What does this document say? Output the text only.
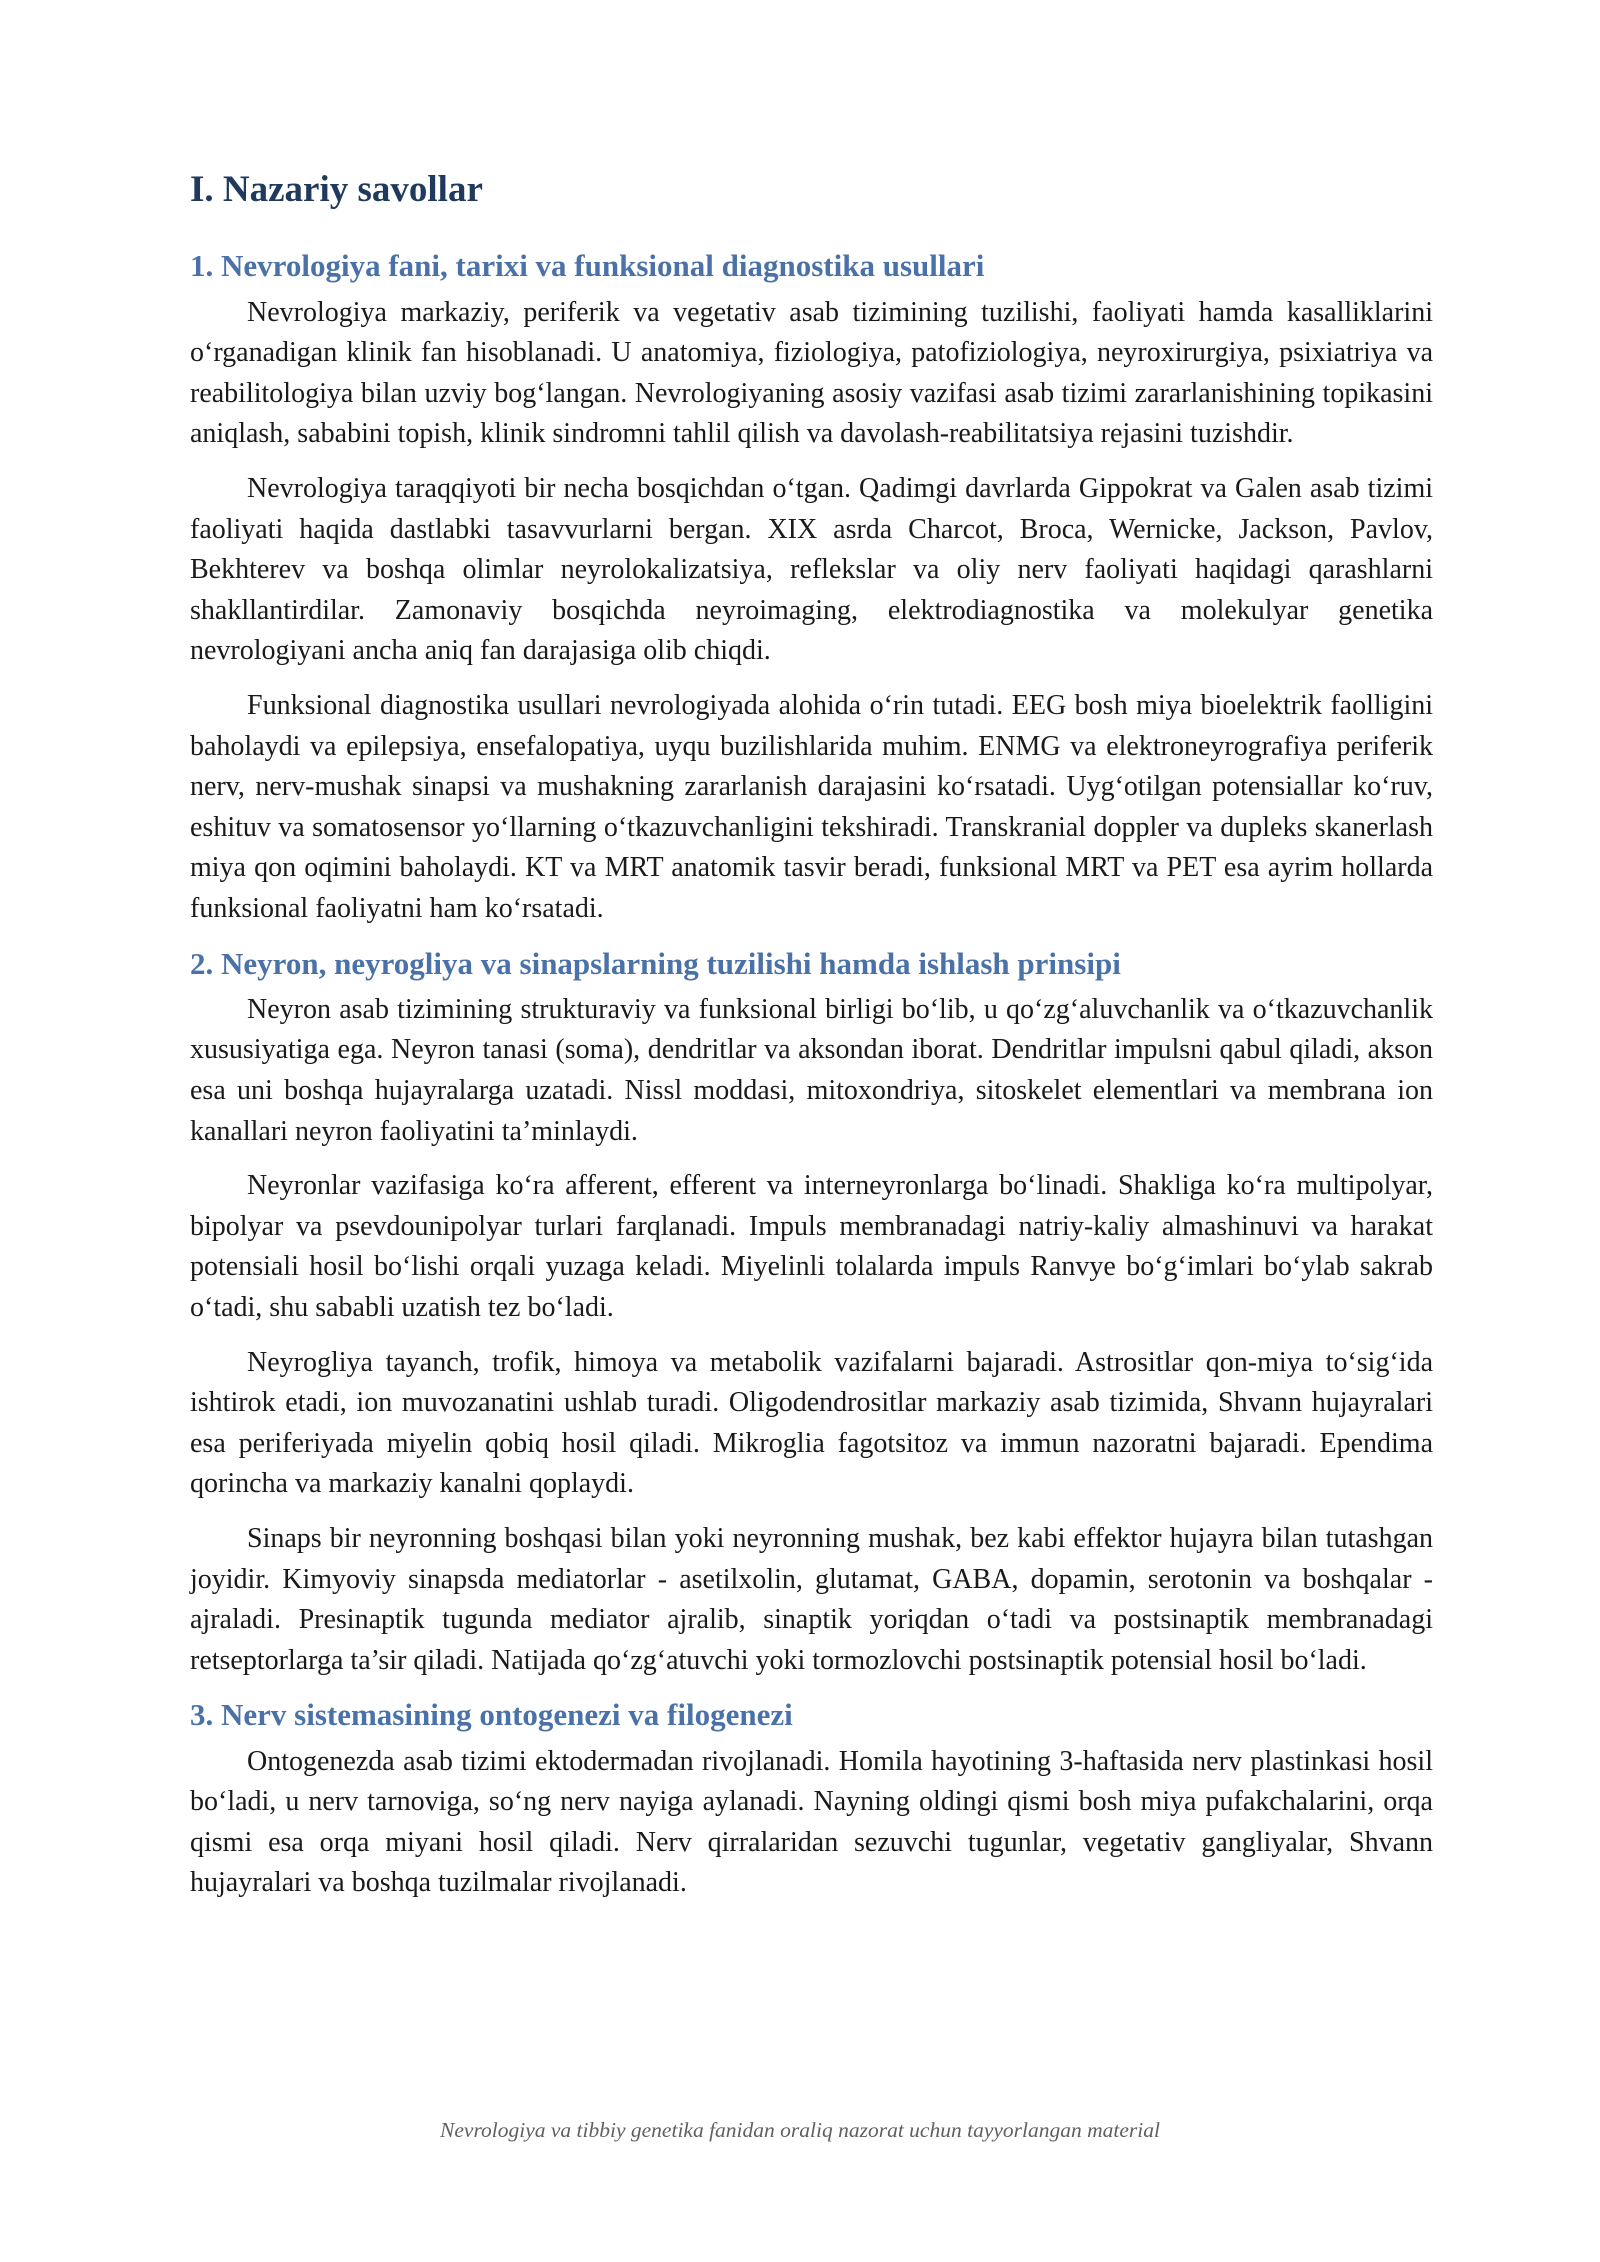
I. Nazariy savollar
1. Nevrologiya fani, tarixi va funksional diagnostika usullari

Nevrologiya markaziy, periferik va vegetativ asab tizimining tuzilishi, faoliyati hamda kasalliklarini o‘rganadigan klinik fan hisoblanadi. U anatomiya, fiziologiya, patofiziologiya, neyroxirurgiya, psixiatriya va reabilitologiya bilan uzviy bog‘langan. Nevrologiyaning asosiy vazifasi asab tizimi zararlanishining topikasini aniqlash, sababini topish, klinik sindromni tahlil qilish va davolash-reabilitatsiya rejasini tuzishdir.

Nevrologiya taraqqiyoti bir necha bosqichdan o‘tgan. Qadimgi davrlarda Gippokrat va Galen asab tizimi faoliyati haqida dastlabki tasavvurlarni bergan. XIX asrda Charcot, Broca, Wernicke, Jackson, Pavlov, Bekhterev va boshqa olimlar neyrolokalizatsiya, reflekslar va oliy nerv faoliyati haqidagi qarashlarni shakllantirdilar. Zamonaviy bosqichda neyroimaging, elektrodiagnostika va molekulyar genetika nevrologiyani ancha aniq fan darajasiga olib chiqdi.

Funksional diagnostika usullari nevrologiyada alohida o‘rin tutadi. EEG bosh miya bioelektrik faolligini baholaydi va epilepsiya, ensefalopatiya, uyqu buzilishlarida muhim. ENMG va elektroneyrografiya periferik nerv, nerv-mushak sinapsi va mushakning zararlanish darajasini ko‘rsatadi. Uyg‘otilgan potensiallar ko‘ruv, eshituv va somatosensor yo‘llarning o‘tkazuvchanligini tekshiradi. Transkranial doppler va dupleks skanerlash miya qon oqimini baholaydi. KT va MRT anatomik tasvir beradi, funksional MRT va PET esa ayrim hollarda funksional faoliyatni ham ko‘rsatadi.

2. Neyron, neyrogliya va sinapslarning tuzilishi hamda ishlash prinsipi

Neyron asab tizimining strukturaviy va funksional birligi bo‘lib, u qo‘zg‘aluvchanlik va o‘tkazuvchanlik xususiyatiga ega. Neyron tanasi (soma), dendritlar va aksondan iborat. Dendritlar impulsni qabul qiladi, akson esa uni boshqa hujayralarga uzatadi. Nissl moddasi, mitoxondriya, sitoskelet elementlari va membrana ion kanallari neyron faoliyatini ta’minlaydi.

Neyronlar vazifasiga ko‘ra afferent, efferent va interneyronlarga bo‘linadi. Shakliga ko‘ra multipolyar, bipolyar va psevdounipolyar turlari farqlanadi. Impuls membranadagi natriy-kaliy almashinuvi va harakat potensiali hosil bo‘lishi orqali yuzaga keladi. Miyelinli tolalarda impuls Ranvye bo‘g‘imlari bo‘ylab sakrab o‘tadi, shu sababli uzatish tez bo‘ladi.

Neyrogliya tayanch, trofik, himoya va metabolik vazifalarni bajaradi. Astrositlar qon-miya to‘sig‘ida ishtirok etadi, ion muvozanatini ushlab turadi. Oligodendrositlar markaziy asab tizimida, Shvann hujayralari esa periferiyada miyelin qobiq hosil qiladi. Mikroglia fagotsitoz va immun nazoratni bajaradi. Ependima qorincha va markaziy kanalni qoplaydi.

Sinaps bir neyronning boshqasi bilan yoki neyronning mushak, bez kabi effektor hujayra bilan tutashgan joyidir. Kimyoviy sinapsda mediatorlar - asetilxolin, glutamat, GABA, dopamin, serotonin va boshqalar - ajraladi. Presinaptik tugunda mediator ajralib, sinaptik yoriqdan o‘tadi va postsinaptik membranadagi retseptorlarga ta’sir qiladi. Natijada qo‘zg‘atuvchi yoki tormozlovchi postsinaptik potensial hosil bo‘ladi.

3. Nerv sistemasining ontogenezi va filogenezi

Ontogenezda asab tizimi ektodermadan rivojlanadi. Homila hayotining 3-haftasida nerv plastinkasi hosil bo‘ladi, u nerv tarnoviga, so‘ng nerv nayiga aylanadi. Nayning oldingi qismi bosh miya pufakchalarini, orqa qismi esa orqa miyani hosil qiladi. Nerv qirralaridan sezuvchi tugunlar, vegetativ gangliyalar, Shvann hujayralari va boshqa tuzilmalar rivojlanadi.

Nevrologiya va tibbiy genetika fanidan oraliq nazorat uchun tayyorlangan material
